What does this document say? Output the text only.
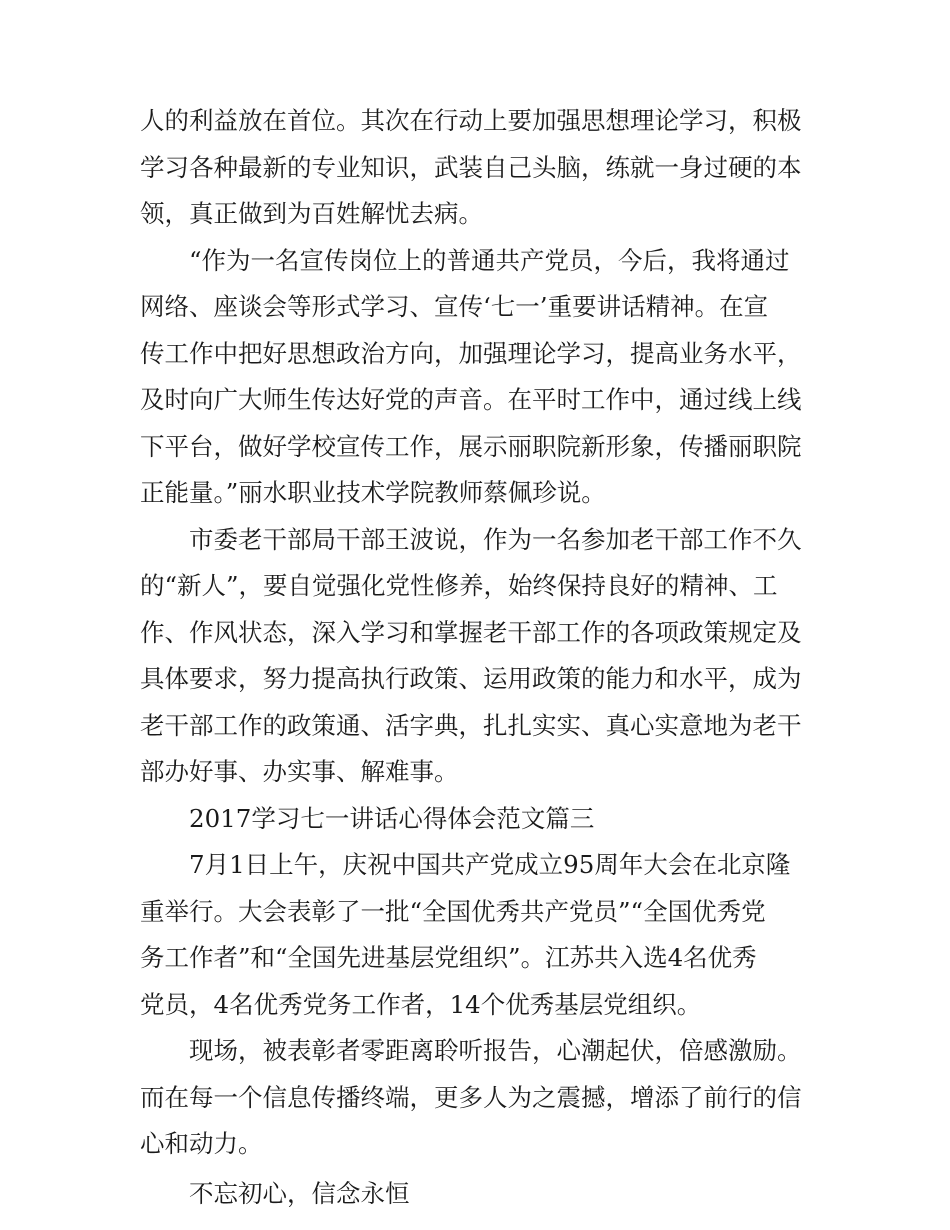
人的利益放在首位。其次在行动上要加强思想理论学习，积极
学习各种最新的专业知识，武装自己头脑，练就一身过硬的本
领，真正做到为百姓解忧去病。
“作为一名宣传岗位上的普通共产党员，今后，我将通过
网络、座谈会等形式学习、宣传‘七一’重要讲话精神。在宣
传工作中把好思想政治方向，加强理论学习，提高业务水平，
及时向广大师生传达好党的声音。在平时工作中，通过线上线
下平台，做好学校宣传工作，展示丽职院新形象，传播丽职院
正能量。”丽水职业技术学院教师蔡佩珍说。
市委老干部局干部王波说，作为一名参加老干部工作不久
的“新人”，要自觉强化党性修养，始终保持良好的精神、工
作、作风状态，深入学习和掌握老干部工作的各项政策规定及
具体要求，努力提高执行政策、运用政策的能力和水平，成为
老干部工作的政策通、活字典，扎扎实实、真心实意地为老干
部办好事、办实事、解难事。
2017学习七一讲话心得体会范文篇三
7月1日上午，庆祝中国共产党成立95周年大会在北京隆
重举行。大会表彰了一批“全国优秀共产党员”“全国优秀党
务工作者”和“全国先进基层党组织”。江苏共入选4名优秀
党员，4名优秀党务工作者，14个优秀基层党组织。
现场，被表彰者零距离聆听报告，心潮起伏，倍感激励。
而在每一个信息传播终端，更多人为之震撼，增添了前行的信
心和动力。
不忘初心，信念永恒
